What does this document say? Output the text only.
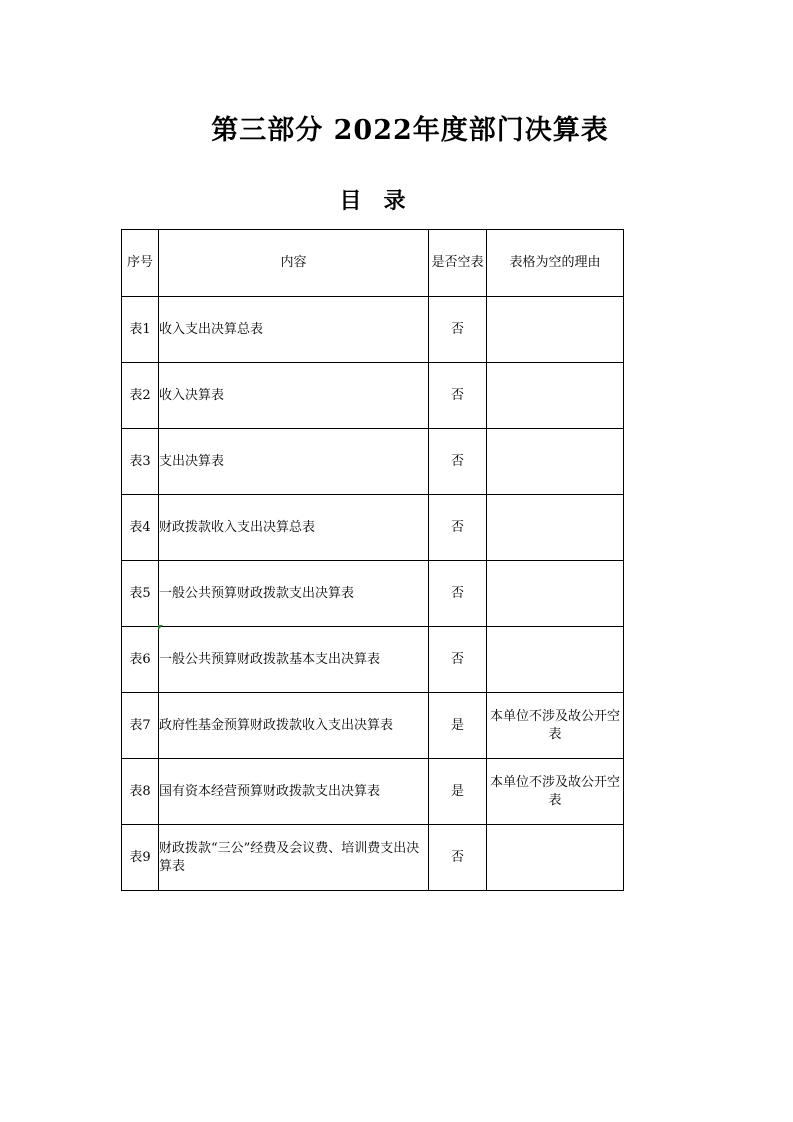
第三部分 2022年度部门决算表
目　录
序号	内容	是否空表	表格为空的理由
表1	收入支出决算总表	否	
表2	收入决算表	否	
表3	支出决算表	否	
表4	财政拨款收入支出决算总表	否	
表5	一般公共预算财政拨款支出决算表	否	
表6	一般公共预算财政拨款基本支出决算表	否	
表7	政府性基金预算财政拨款收入支出决算表	是	本单位不涉及故公开空表
表8	国有资本经营预算财政拨款支出决算表	是	本单位不涉及故公开空表
表9	财政拨款“三公”经费及会议费、培训费支出决算表	否	
